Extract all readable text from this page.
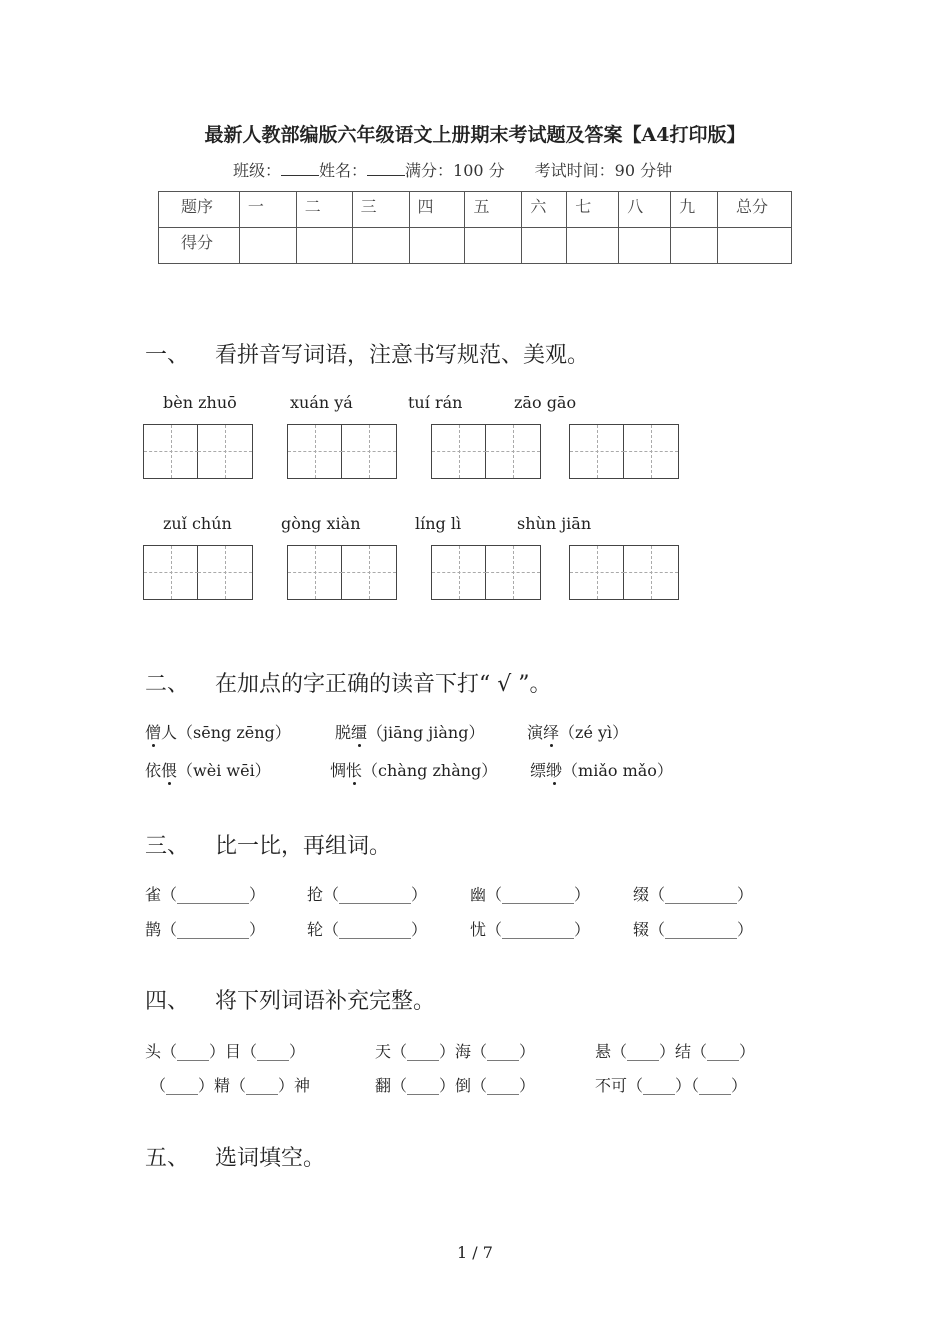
最新人教部编版六年级语文上册期末考试题及答案【A4打印版】
班级： 姓名： 满分：100 分 考试时间：90 分钟
题序	一	二	三	四	五	六	七	八	九	总分
得分										
一、 看拼音写词语，注意书写规范、美观。
bèn zhuō	xuán yá	tuí rán	zāo gāo
zuǐ chún	gòng xiàn	líng lì	shùn jiān
二、 在加点的字正确的读音下打“ √ ”。
僧人（sēng zēng）	脱缰（jiāng jiàng）	演绎（zé yì）
依偎（wèi wēi）	惆怅（chàng zhàng） 缥缈（miǎo mǎo）
三、 比一比，再组词。
雀（_________）	抢（_________）	幽（_________）	缀（_________）
鹊（_________）	轮（_________）	忧（_________）	辍（_________）
四、 将下列词语补充完整。
头（____）目（____）	天（____）海（____）	悬（____）结（____）
（____）精（____）神	翻（____）倒（____）	不可（____）（____）
五、 选词填空。
1 / 7
